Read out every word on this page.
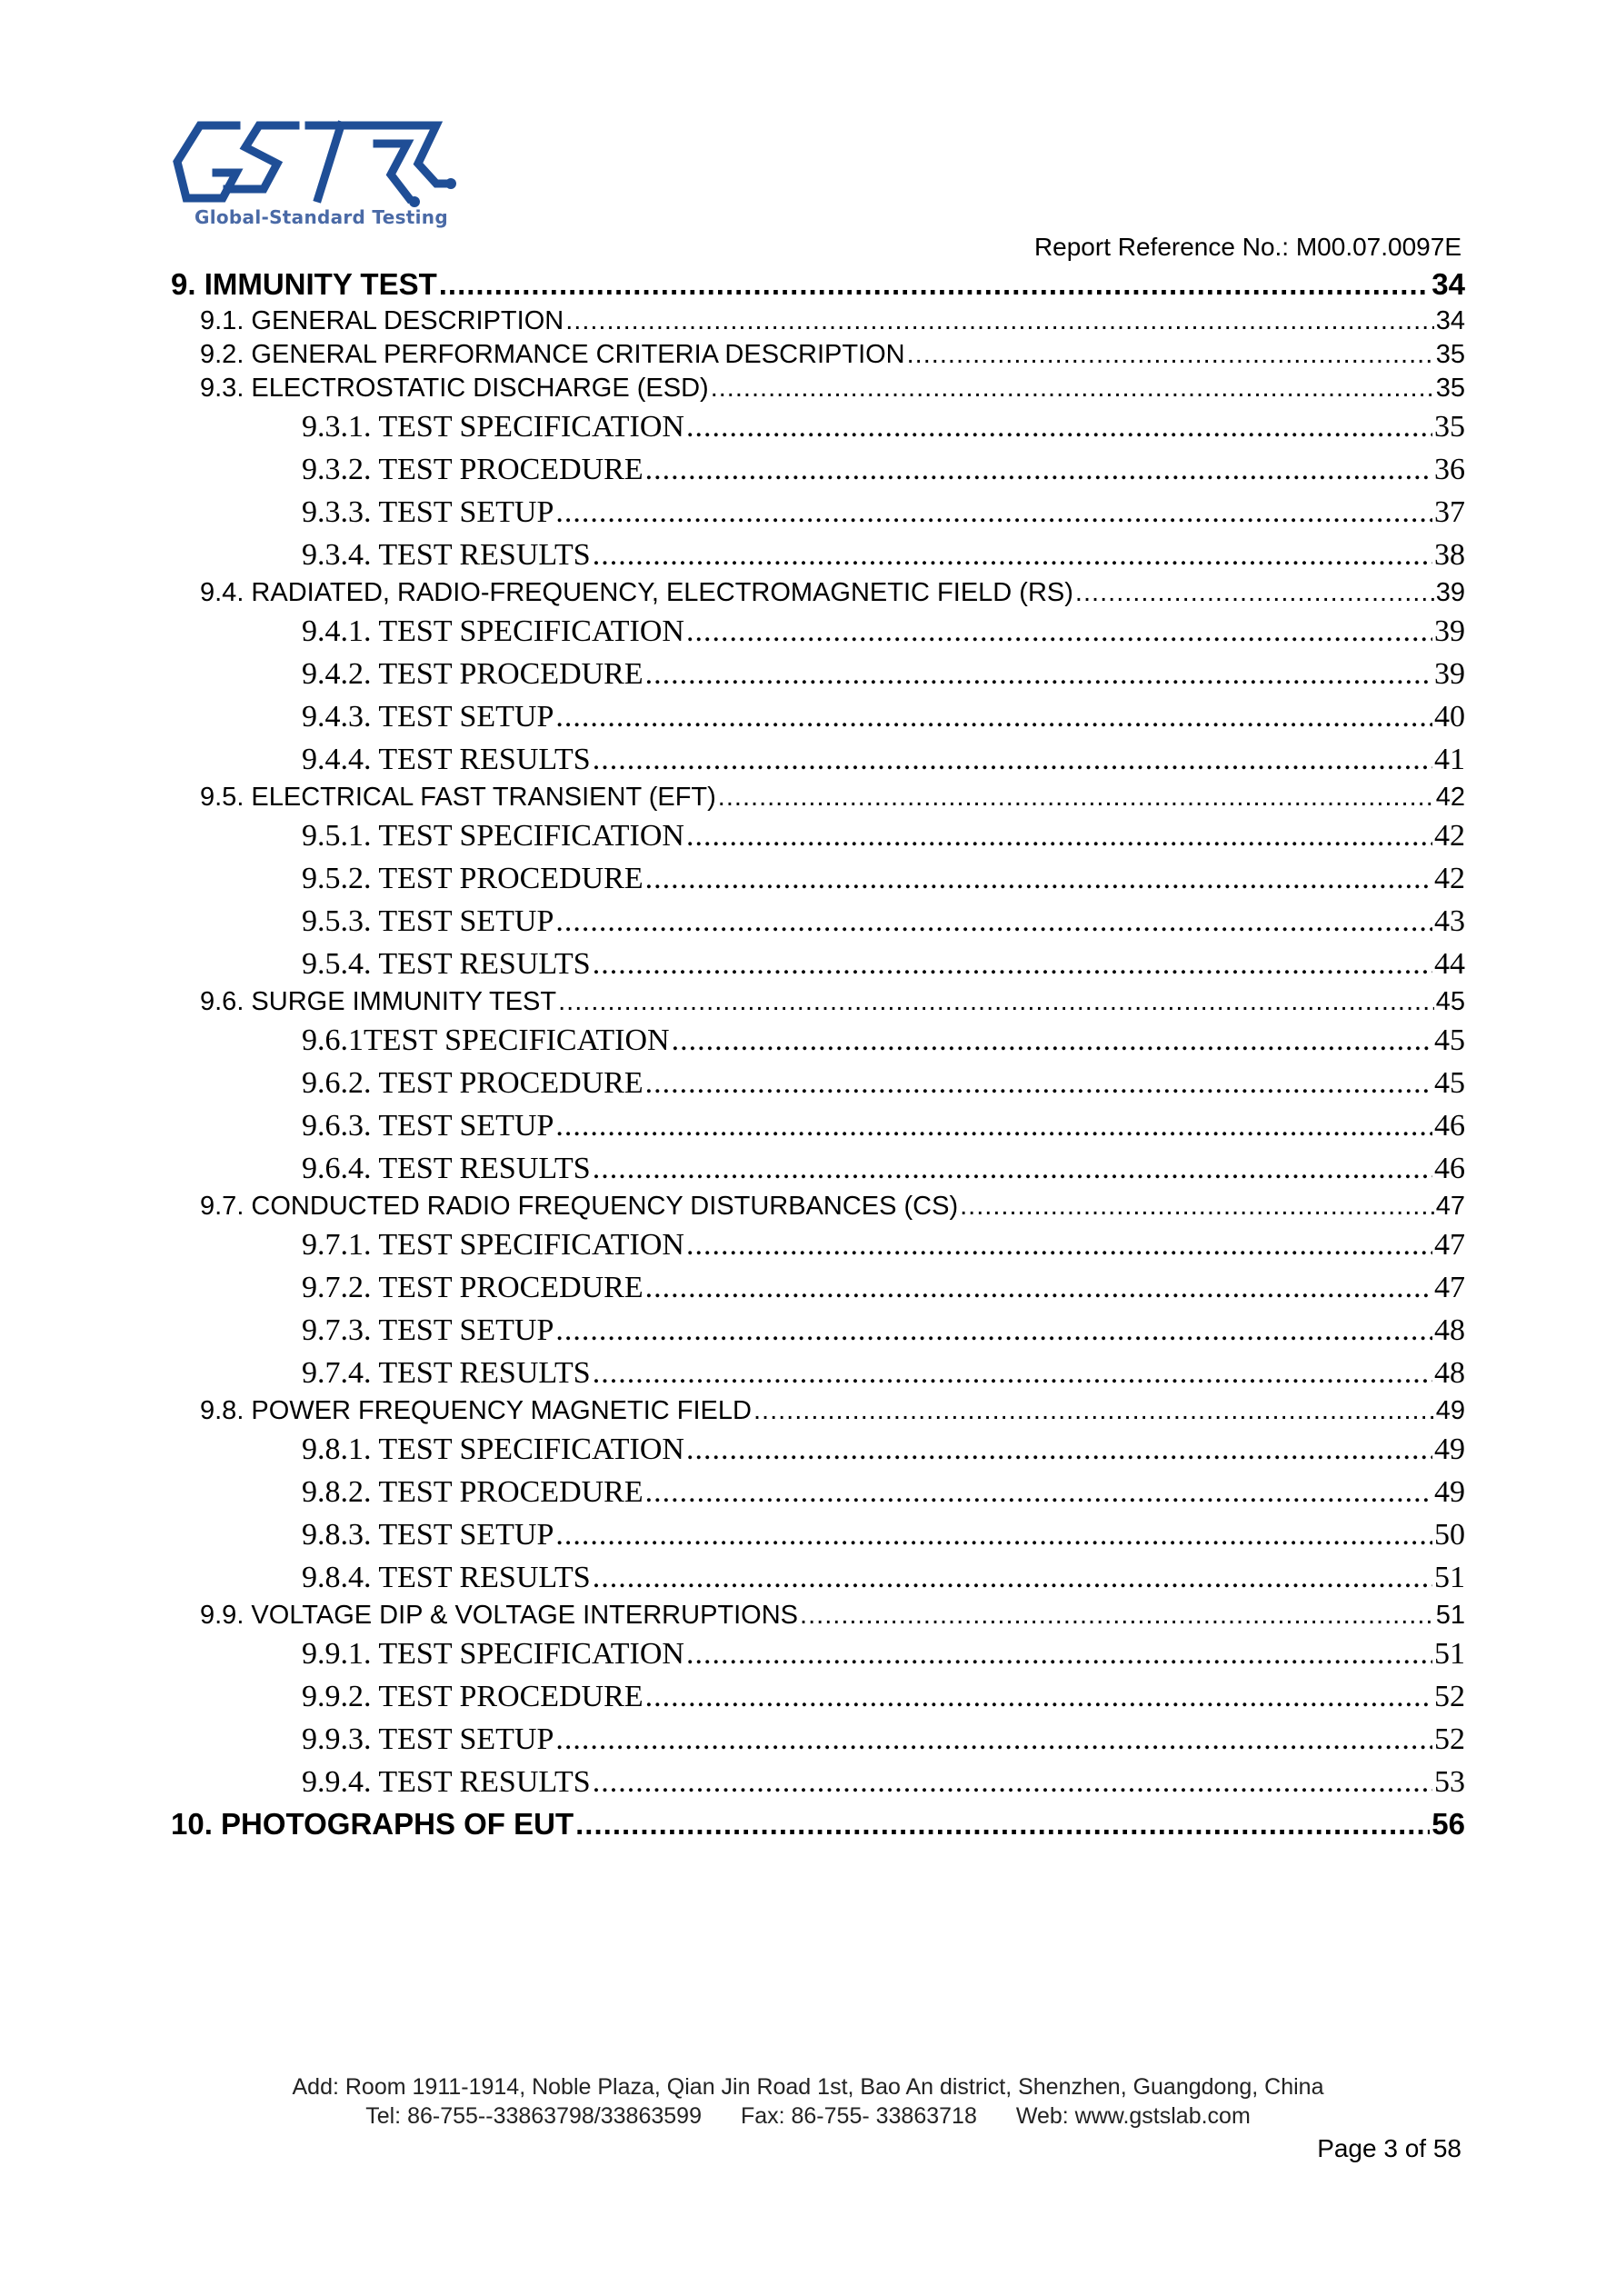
Global-Standard Testing
Report Reference No.: M00.07.0097E
9. IMMUNITY TEST .....	34
9.1. GENERAL DESCRIPTION .....	34
9.2. GENERAL PERFORMANCE CRITERIA DESCRIPTION .....	35
9.3. ELECTROSTATIC DISCHARGE (ESD) .....	35
9.3.1. TEST SPECIFICATION .....	35
9.3.2. TEST PROCEDURE .....	36
9.3.3. TEST SETUP .....	37
9.3.4. TEST RESULTS .....	38
9.4. RADIATED, RADIO-FREQUENCY, ELECTROMAGNETIC FIELD (RS) .....	39
9.4.1. TEST SPECIFICATION .....	39
9.4.2. TEST PROCEDURE .....	39
9.4.3. TEST SETUP .....	40
9.4.4. TEST RESULTS .....	41
9.5. ELECTRICAL FAST TRANSIENT (EFT) .....	42
9.5.1. TEST SPECIFICATION .....	42
9.5.2. TEST PROCEDURE .....	42
9.5.3. TEST SETUP .....	43
9.5.4. TEST RESULTS .....	44
9.6. SURGE IMMUNITY TEST .....	45
9.6.1TEST SPECIFICATION .....	45
9.6.2. TEST PROCEDURE .....	45
9.6.3. TEST SETUP .....	46
9.6.4. TEST RESULTS .....	46
9.7. CONDUCTED RADIO FREQUENCY DISTURBANCES (CS) .....	47
9.7.1. TEST SPECIFICATION .....	47
9.7.2. TEST PROCEDURE .....	47
9.7.3. TEST SETUP .....	48
9.7.4. TEST RESULTS .....	48
9.8. POWER FREQUENCY MAGNETIC FIELD .....	49
9.8.1. TEST SPECIFICATION .....	49
9.8.2. TEST PROCEDURE .....	49
9.8.3. TEST SETUP .....	50
9.8.4. TEST RESULTS .....	51
9.9. VOLTAGE DIP & VOLTAGE INTERRUPTIONS .....	51
9.9.1. TEST SPECIFICATION .....	51
9.9.2. TEST PROCEDURE .....	52
9.9.3. TEST SETUP .....	52
9.9.4. TEST RESULTS .....	53
10. PHOTOGRAPHS OF EUT .....	56
Add: Room 1911-1914, Noble Plaza, Qian Jin Road 1st, Bao An district, Shenzhen, Guangdong, China
Tel: 86-755--33863798/33863599 Fax: 86-755- 33863718 Web: www.gstslab.com
Page 3 of 58
